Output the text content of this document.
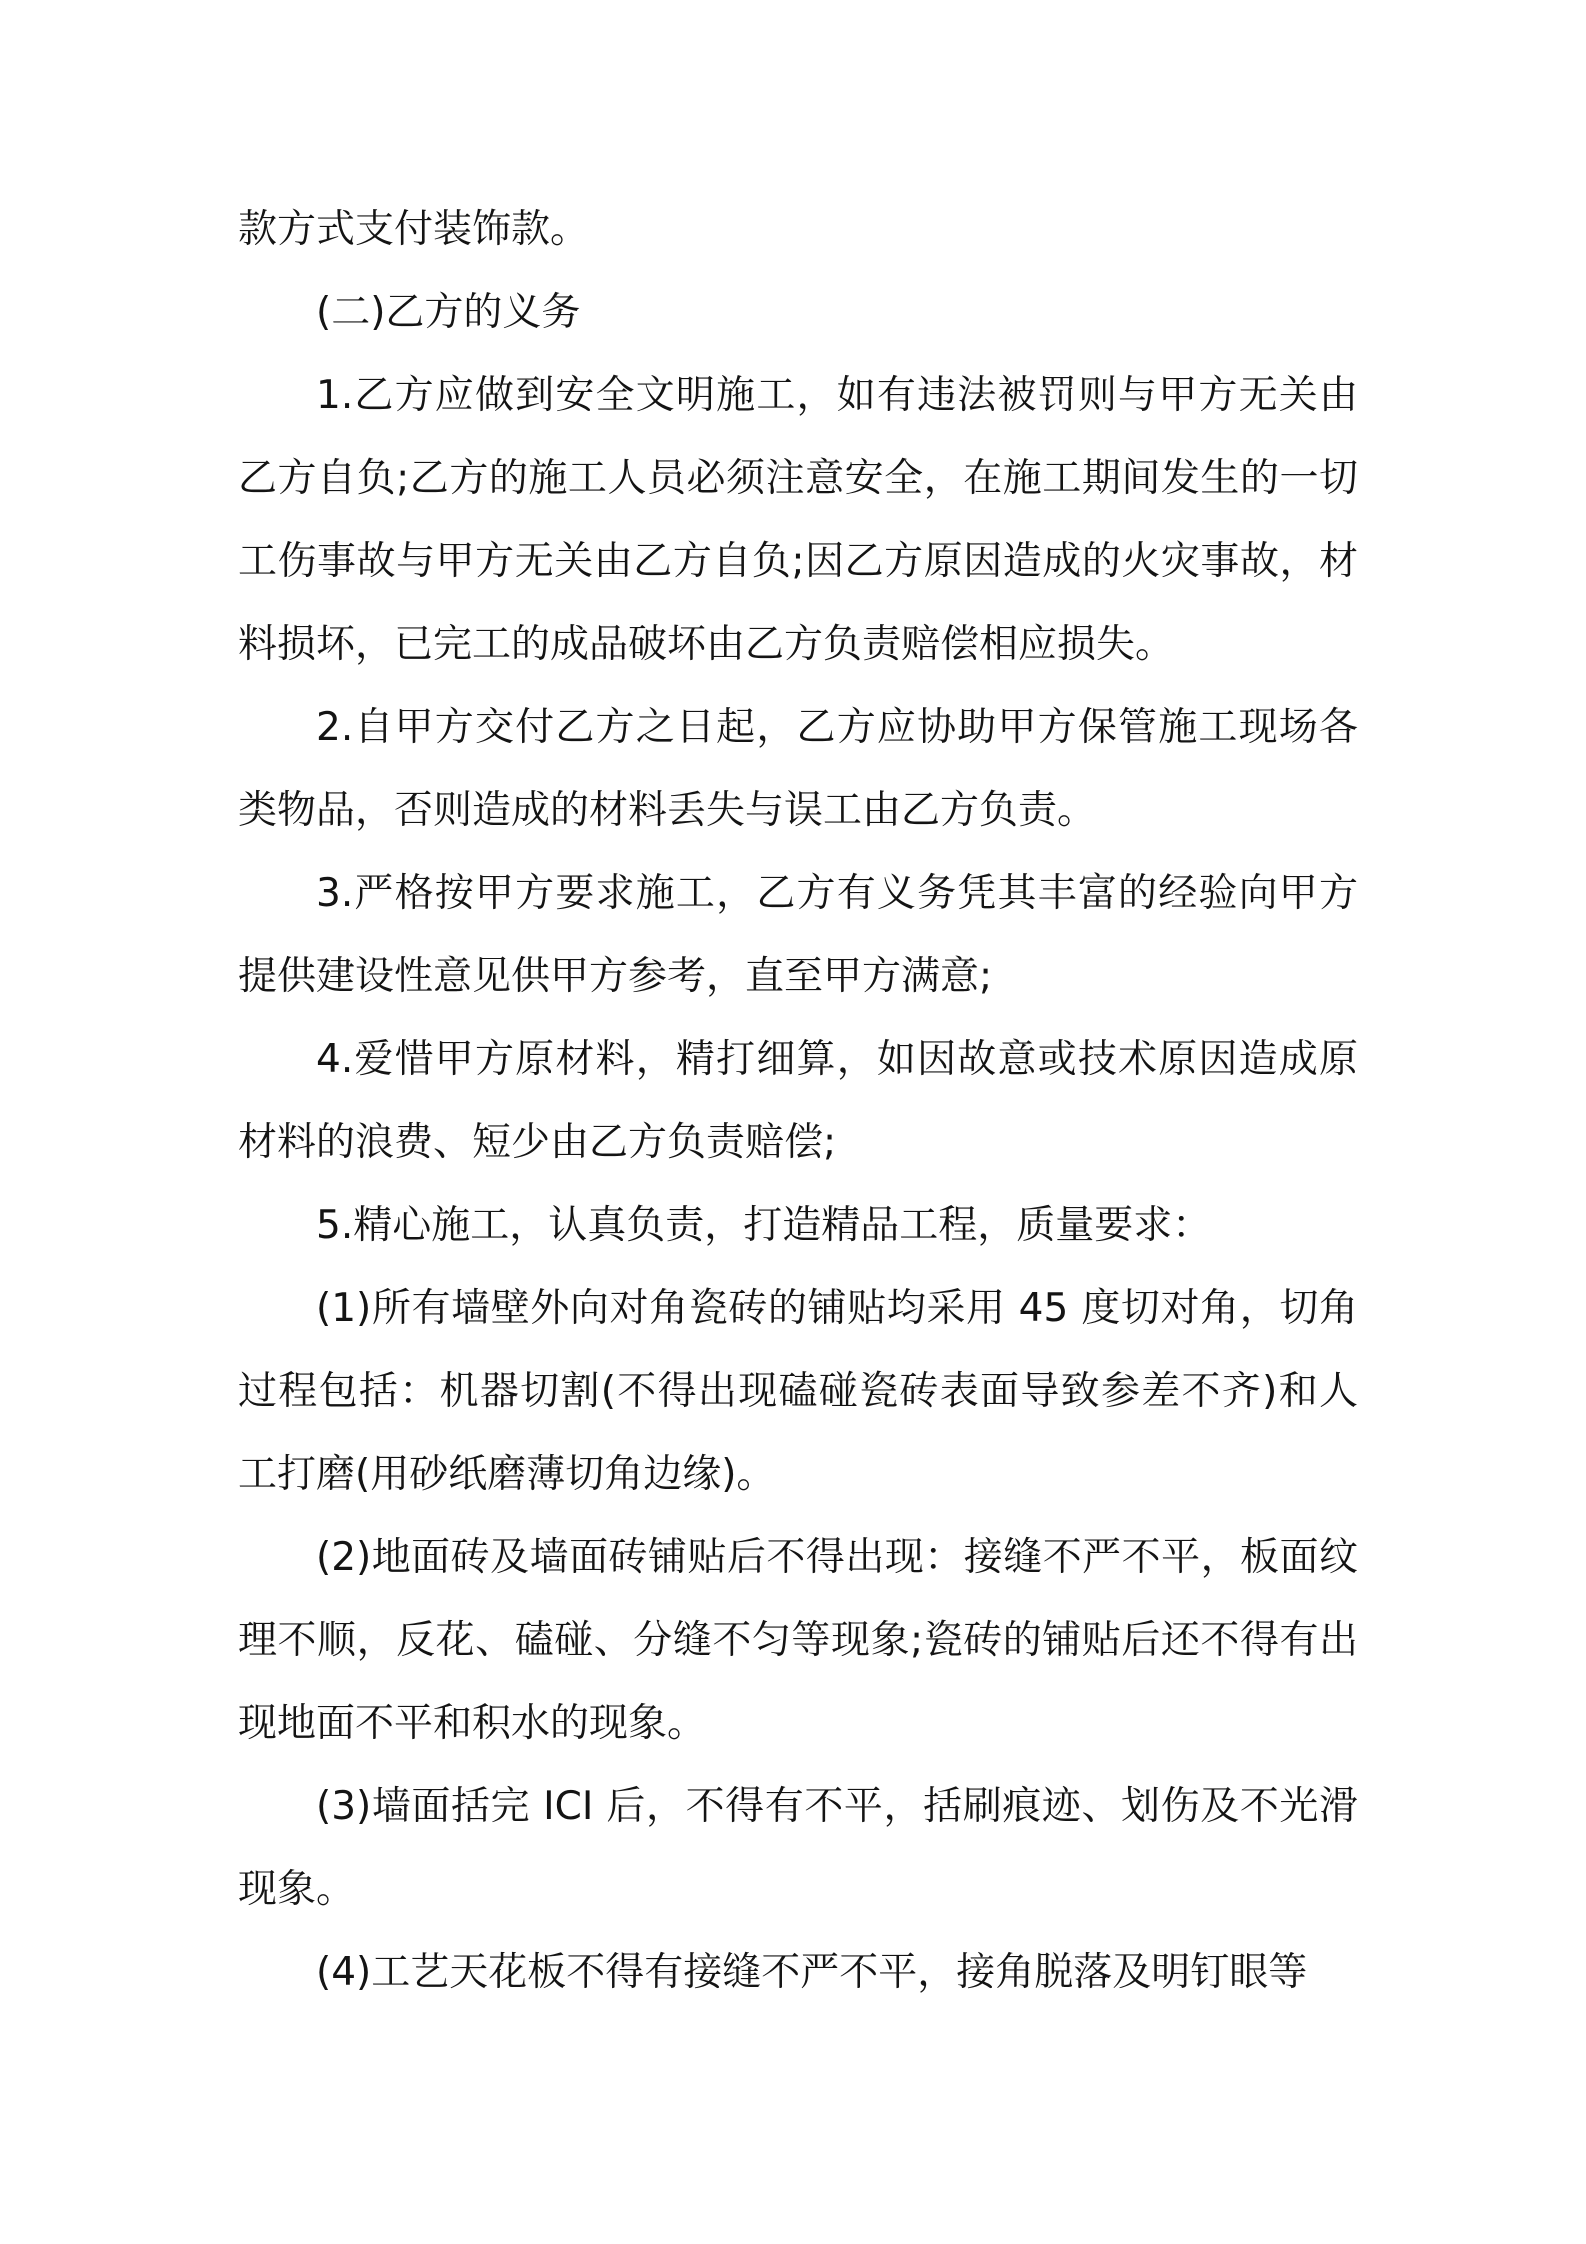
款方式支付装饰款。

(二)乙方的义务

1.乙方应做到安全文明施工，如有违法被罚则与甲方无关由乙方自负;乙方的施工人员必须注意安全，在施工期间发生的一切工伤事故与甲方无关由乙方自负;因乙方原因造成的火灾事故，材料损坏，已完工的成品破坏由乙方负责赔偿相应损失。

2.自甲方交付乙方之日起，乙方应协助甲方保管施工现场各类物品，否则造成的材料丢失与误工由乙方负责。

3.严格按甲方要求施工，乙方有义务凭其丰富的经验向甲方提供建设性意见供甲方参考，直至甲方满意;

4.爱惜甲方原材料，精打细算，如因故意或技术原因造成原材料的浪费、短少由乙方负责赔偿;

5.精心施工，认真负责，打造精品工程，质量要求：

(1)所有墙壁外向对角瓷砖的铺贴均采用 45 度切对角，切角过程包括：机器切割(不得出现磕碰瓷砖表面导致参差不齐)和人工打磨(用砂纸磨薄切角边缘)。

(2)地面砖及墙面砖铺贴后不得出现：接缝不严不平，板面纹理不顺，反花、磕碰、分缝不匀等现象;瓷砖的铺贴后还不得有出现地面不平和积水的现象。

(3)墙面括完 ICI 后，不得有不平，括刷痕迹、划伤及不光滑现象。

(4)工艺天花板不得有接缝不严不平，接角脱落及明钉眼等
